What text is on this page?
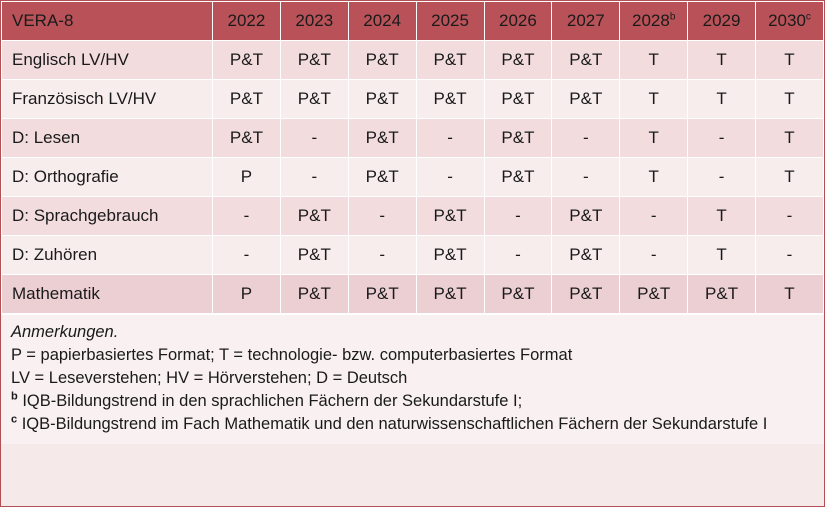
VERA-8	2022	2023	2024	2025	2026	2027	2028$^b$	2029	2030$^c$
Englisch LV/HV	P&T	P&T	P&T	P&T	P&T	P&T	T	T	T
Französisch LV/HV	P&T	P&T	P&T	P&T	P&T	P&T	T	T	T
D: Lesen	P&T	-	P&T	-	P&T	-	T	-	T
D: Orthografie	P	-	P&T	-	P&T	-	T	-	T
D: Sprachgebrauch	-	P&T	-	P&T	-	P&T	-	T	-
D: Zuhören	-	P&T	-	P&T	-	P&T	-	T	-
Mathematik	P	P&T	P&T	P&T	P&T	P&T	P&T	P&T	T
Anmerkungen.
P = papierbasiertes Format; T = technologie- bzw. computerbasiertes Format
LV = Leseverstehen; HV = Hörverstehen; D = Deutsch
$^b$ IQB-Bildungstrend in den sprachlichen Fächern der Sekundarstufe I;
$^c$ IQB-Bildungstrend im Fach Mathematik und den naturwissenschaftlichen Fächern der Sekundarstufe I
